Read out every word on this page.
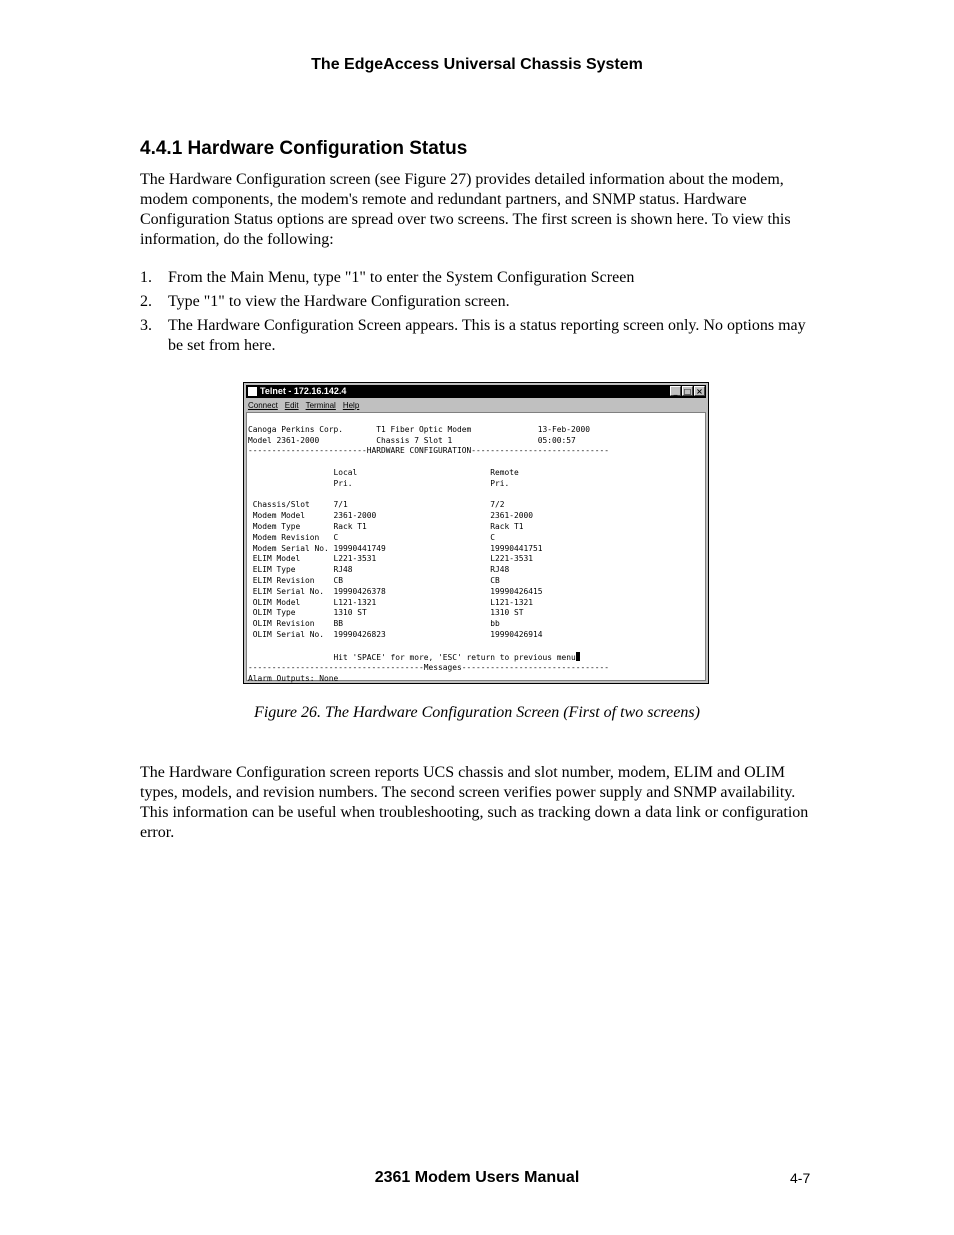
The EdgeAccess Universal Chassis System
4.4.1 Hardware Configuration Status
The Hardware Configuration screen (see Figure 27) provides detailed information about the modem, modem components, the modem's remote and redundant partners, and SNMP status. Hardware Configuration Status options are spread over two screens. The first screen is shown here. To view this information, do the following:
1. From the Main Menu, type "1" to enter the System Configuration Screen
2. Type "1" to view the Hardware Configuration screen.
3. The Hardware Configuration Screen appears. This is a status reporting screen only. No options may be set from here.
Telnet - 172.16.142.4	_ □ ×
Connect Edit Terminal Help

Canoga Perkins Corp.       T1 Fiber Optic Modem              13-Feb-2000
Model 2361-2000            Chassis 7 Slot 1                  05:00:57
-------------------------HARDWARE CONFIGURATION-----------------------------

Local                            Remote
Pri.                             Pri.

Chassis/Slot     7/1                              7/2
Modem Model      2361-2000                        2361-2000
Modem Type       Rack T1                          Rack T1
Modem Revision   C                                C
Modem Serial No. 19990441749                      19990441751
ELIM Model       L221-3531                        L221-3531
ELIM Type        RJ48                             RJ48
ELIM Revision    CB                               CB
ELIM Serial No.  19990426378                      19990426415
OLIM Model       L121-1321                        L121-1321
OLIM Type        1310 ST                          1310 ST
OLIM Revision    BB                               bb
OLIM Serial No.  19990426823                      19990426914

Hit 'SPACE' for more, 'ESC' return to previous menu
-------------------------------------Messages-------------------------------
Alarm Outputs: None

Figure 26. The Hardware Configuration Screen (First of two screens)
The Hardware Configuration screen reports UCS chassis and slot number, modem, ELIM and OLIM types, models, and revision numbers. The second screen verifies power supply and SNMP availability. This information can be useful when troubleshooting, such as tracking down a data link or configuration error.
2361 Modem Users Manual	4-7
